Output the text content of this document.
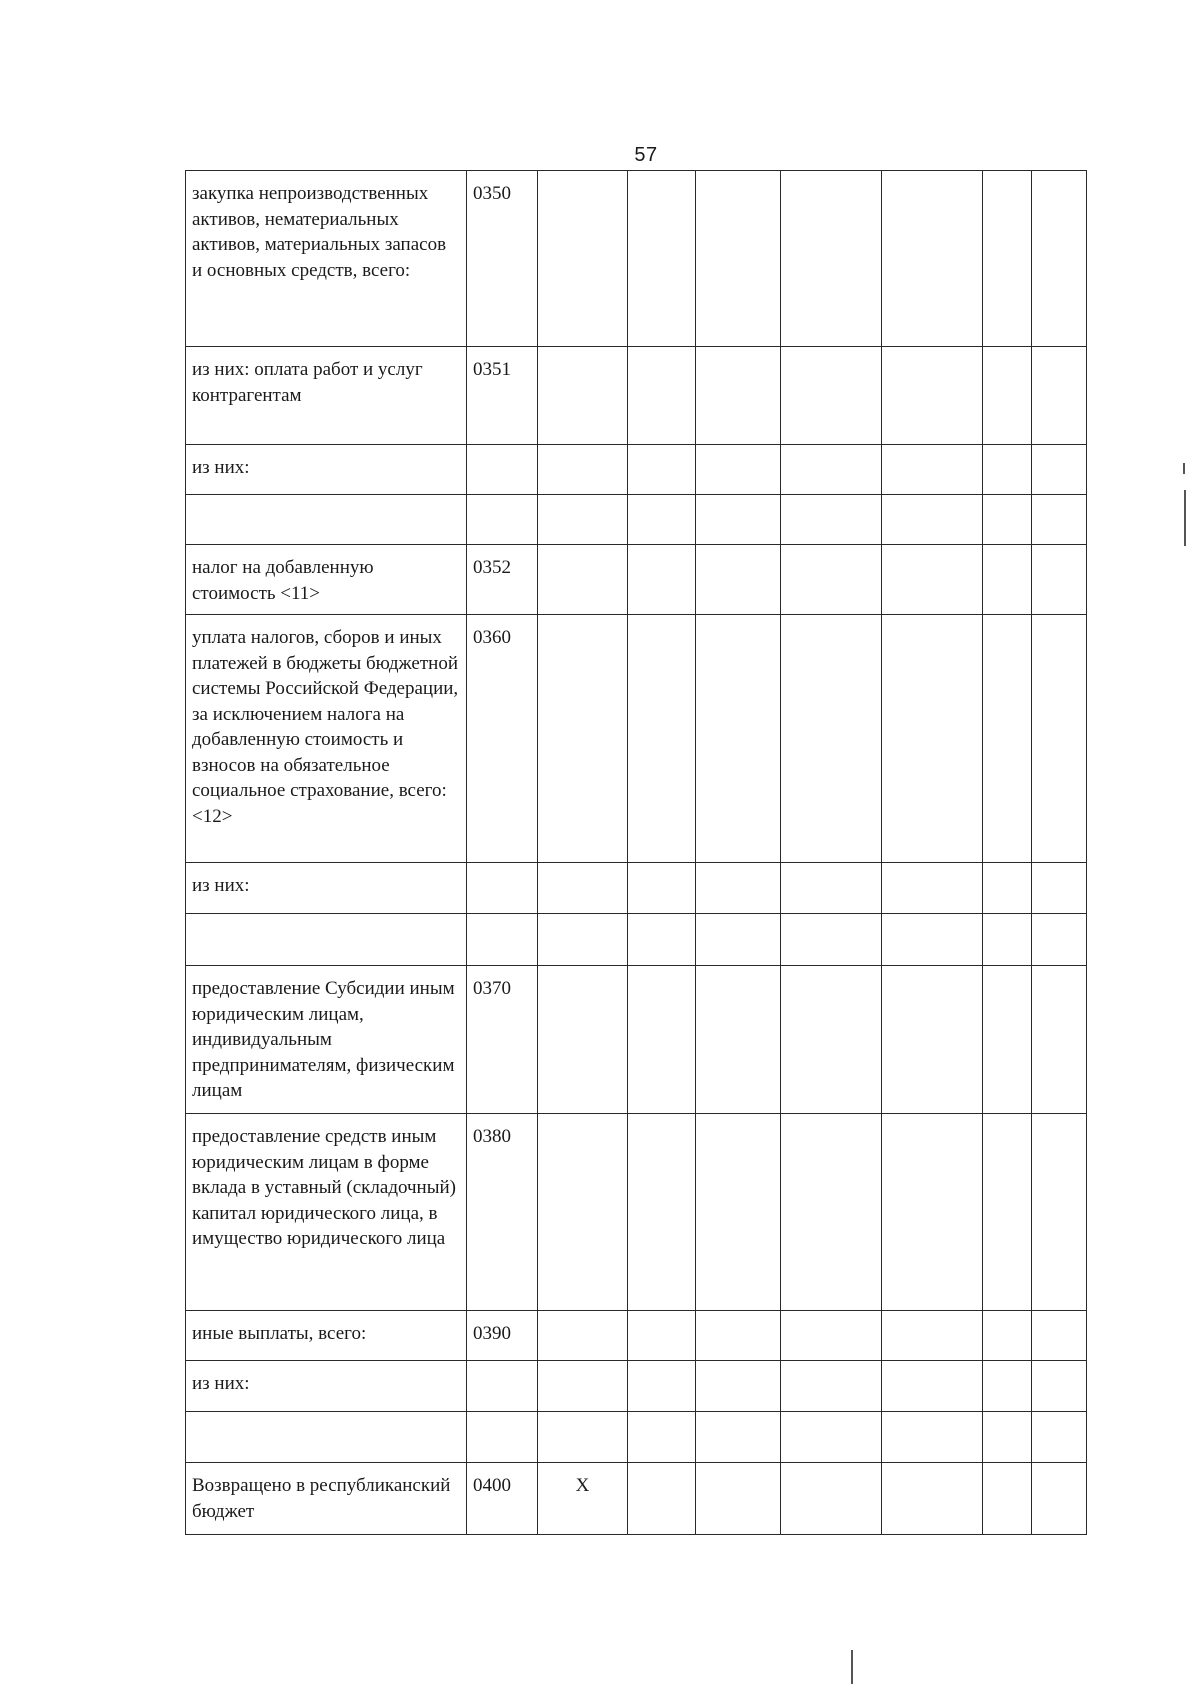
57
закупка непроизводственных активов, нематериальных активов, материальных запасов и основных средств, всего:	0350								
из них: оплата работ и услуг контрагентам	0351								
из них:									

налог на добавленную стоимость <11>	0352								
уплата налогов, сборов и иных платежей в бюджеты бюджетной системы Российской Федерации, за исключением налога на добавленную стоимость и взносов на обязательное социальное страхование, всего: <12>	0360								
из них:									

предоставление Субсидии иным юридическим лицам, индивидуальным предпринимателям, физическим лицам	0370								
предоставление средств иным юридическим лицам в форме вклада в уставный (складочный) капитал юридического лица, в имущество юридического лица	0380								
иные выплаты, всего:	0390								
из них:									

Возвращено в республиканский бюджет	0400	Х							
